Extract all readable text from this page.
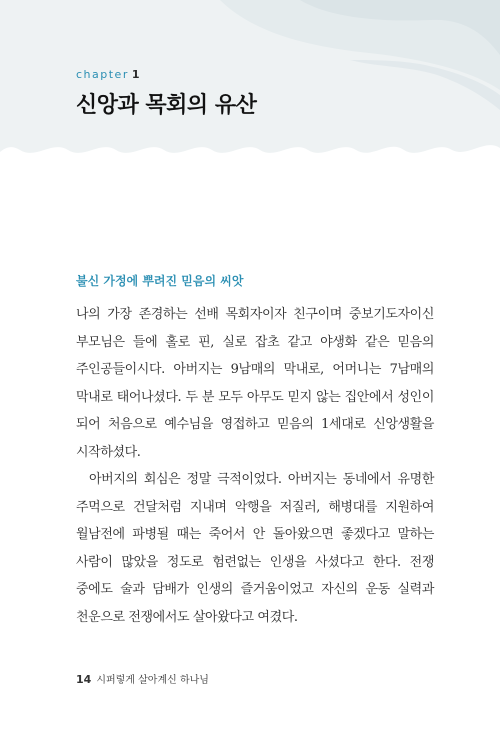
chapter 1
신앙과 목회의 유산
불신 가정에 뿌려진 믿음의 씨앗

나의 가장 존경하는 선배 목회자이자 친구이며 중보기도자이신 부모님은 들에 홀로 핀, 실로 잡초 같고 야생화 같은 믿음의 주인공들이시다. 아버지는 9남매의 막내로, 어머니는 7남매의 막내로 태어나셨다. 두 분 모두 아무도 믿지 않는 집안에서 성인이 되어 처음으로 예수님을 영접하고 믿음의 1세대로 신앙생활을 시작하셨다.

아버지의 회심은 정말 극적이었다. 아버지는 동네에서 유명한 주먹으로 건달처럼 지내며 악행을 저질러, 해병대를 지원하여 월남전에 파병될 때는 죽어서 안 돌아왔으면 좋겠다고 말하는 사람이 많았을 정도로 험련없는 인생을 사셨다고 한다. 전쟁 중에도 술과 담배가 인생의 즐거움이었고 자신의 운동 실력과 천운으로 전쟁에서도 살아왔다고 여겼다.

14 시퍼렇게 살아계신 하나님
